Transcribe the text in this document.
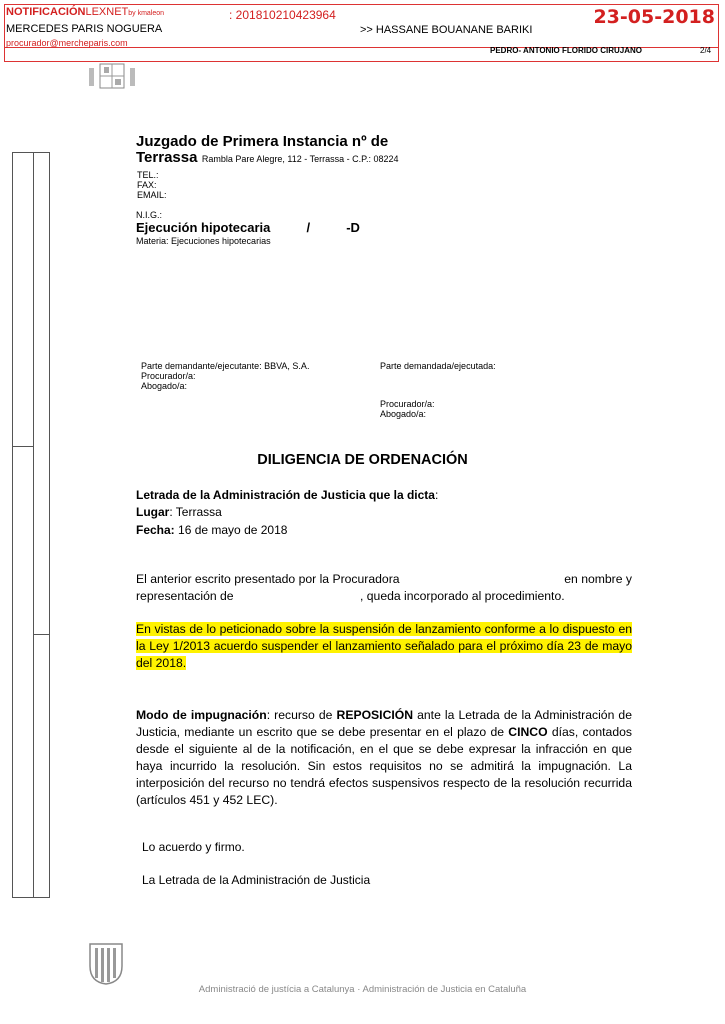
NOTIFICACIÓNLEXNETby kmaleon	: 201810210423964	23-05-2018
MERCEDES PARIS NOGUERA
procurador@mercheparis.com
>> HASSANE BOUANANE BARIKI
PEDRO- ANTONIO FLORIDO CIRUJANO	2/4
Juzgado de Primera Instancia nº de
Terrassa Rambla Pare Alegre, 112 - Terrassa - C.P.: 08224
TEL.:
FAX:
EMAIL:
N.I.G.:
Ejecución hipotecaria          /          -D
Materia: Ejecuciones hipotecarias
Parte demandante/ejecutante: BBVA, S.A.
Procurador/a:
Abogado/a:
Parte demandada/ejecutada:
Procurador/a:
Abogado/a:
DILIGENCIA DE ORDENACIÓN
Letrada de la Administración de Justicia que la dicta:
Lugar: Terrassa
Fecha: 16 de mayo de 2018
El anterior escrito presentado por la Procuradora	en nombre y
representación de	, queda incorporado al procedimiento.
En vistas de lo peticionado sobre la suspensión de lanzamiento conforme a lo dispuesto en la Ley 1/2013 acuerdo suspender el lanzamiento señalado para el próximo día 23 de mayo del 2018.
Modo de impugnación: recurso de REPOSICIÓN ante la Letrada de la Administración de Justicia, mediante un escrito que se debe presentar en el plazo de CINCO días, contados desde el siguiente al de la notificación, en el que se debe expresar la infracción en que haya incurrido la resolución. Sin estos requisitos no se admitirá la impugnación. La interposición del recurso no tendrá efectos suspensivos respecto de la resolución recurrida (artículos 451 y 452 LEC).
Lo acuerdo y firmo.
La Letrada de la Administración de Justicia
Administració de justícia a Catalunya · Administración de Justicia en Cataluña
